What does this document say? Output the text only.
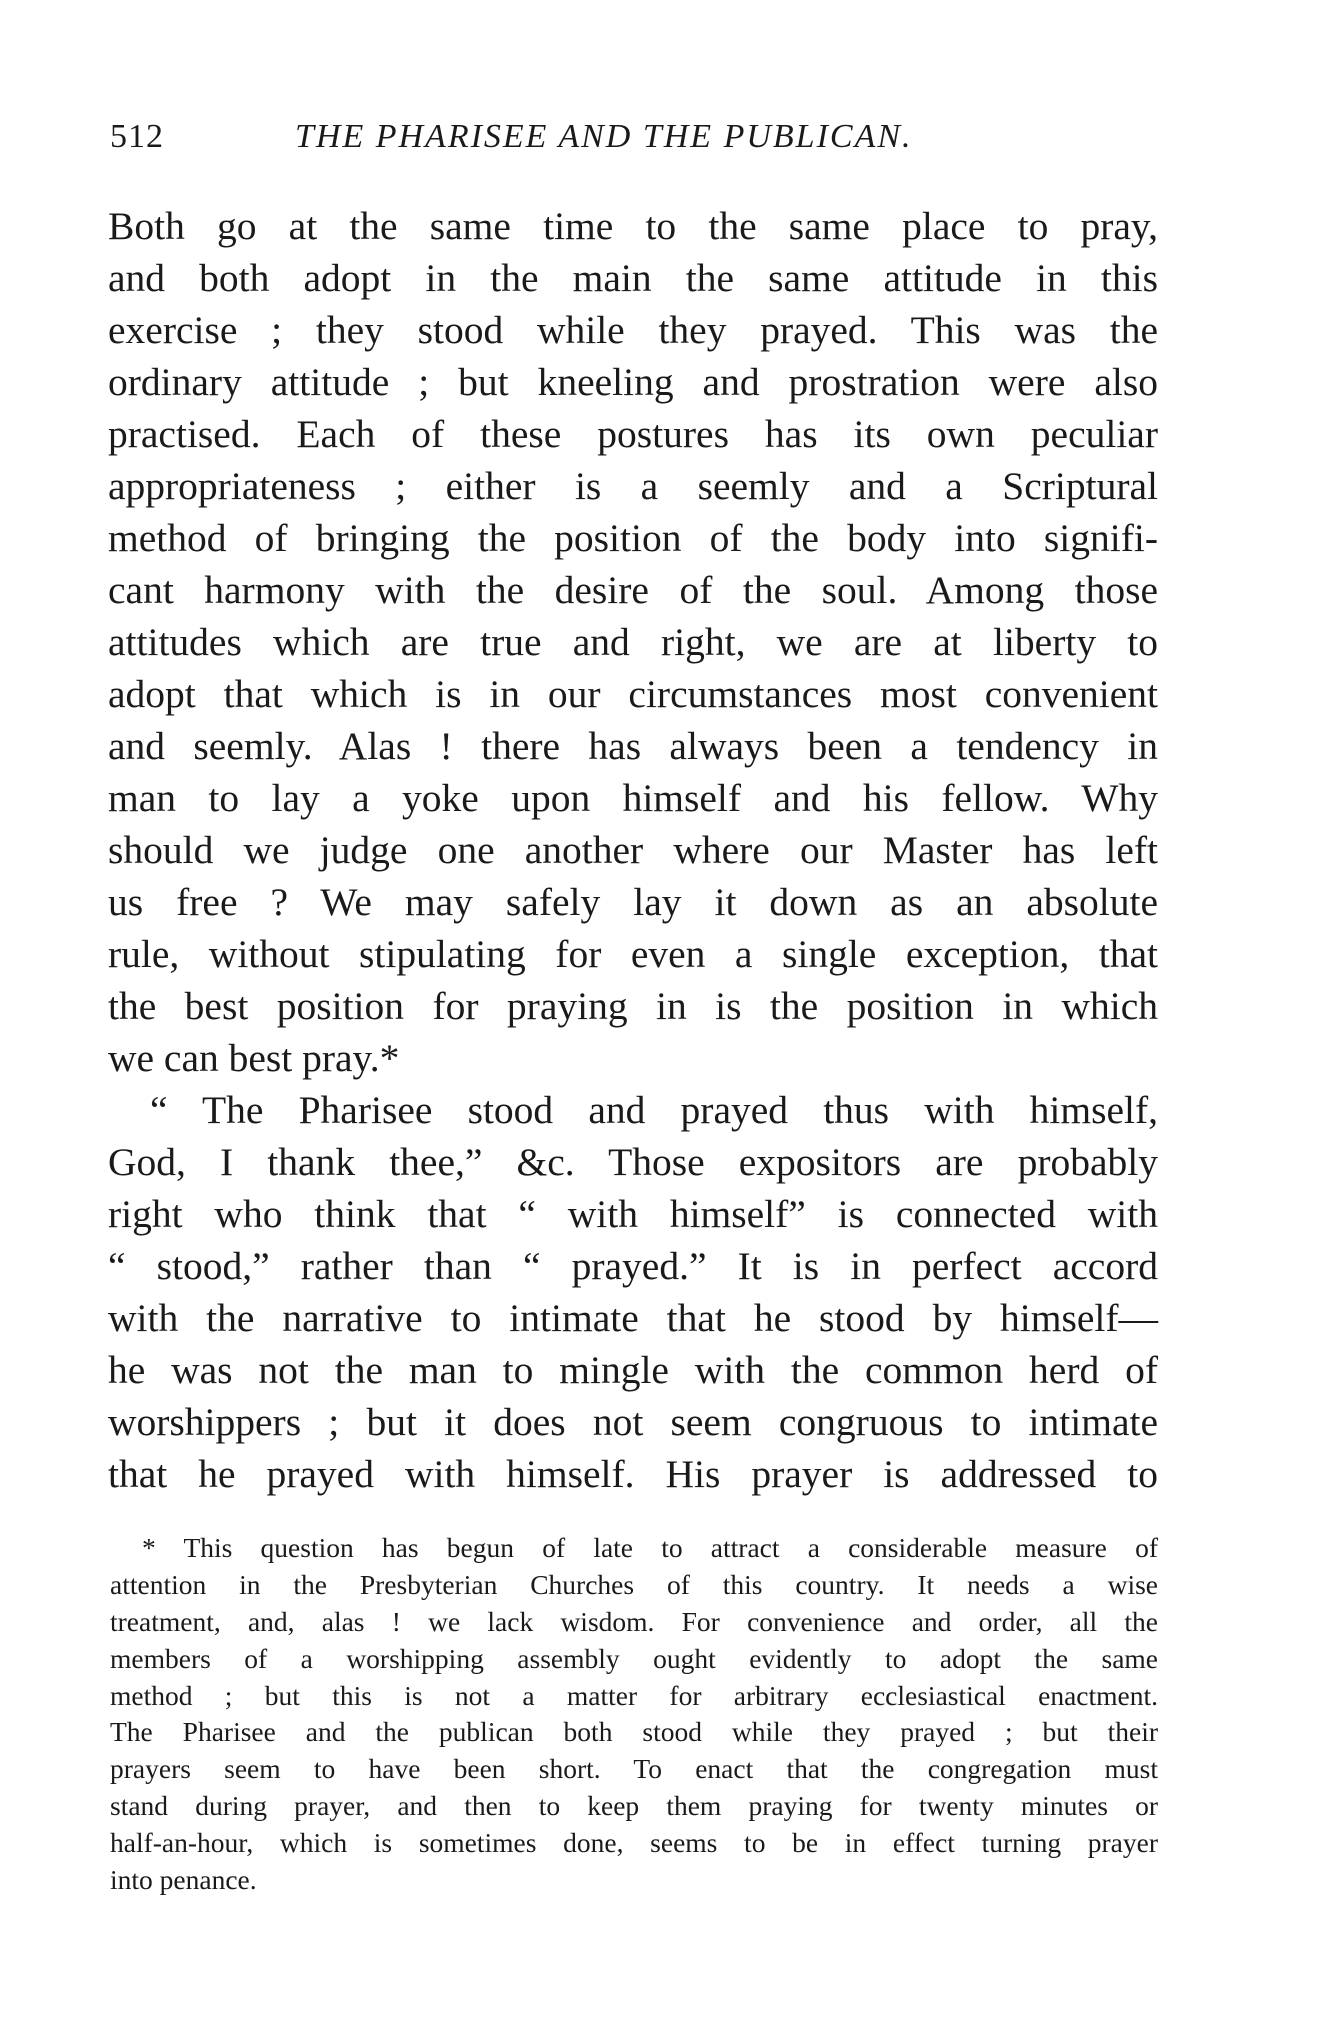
512	THE PHARISEE AND THE PUBLICAN.
Both go at the same time to the same place to pray,
and both adopt in the main the same attitude in this
exercise ; they stood while they prayed. This was the
ordinary attitude ; but kneeling and prostration were also
practised. Each of these postures has its own peculiar
appropriateness ; either is a seemly and a Scriptural
method of bringing the position of the body into signifi-
cant harmony with the desire of the soul. Among those
attitudes which are true and right, we are at liberty to
adopt that which is in our circumstances most convenient
and seemly. Alas ! there has always been a tendency in
man to lay a yoke upon himself and his fellow. Why
should we judge one another where our Master has left
us free ? We may safely lay it down as an absolute
rule, without stipulating for even a single exception, that
the best position for praying in is the position in which
we can best pray.*
“ The Pharisee stood and prayed thus with himself,
God, I thank thee,” &c. Those expositors are probably
right who think that “ with himself” is connected with
“ stood,” rather than “ prayed.” It is in perfect accord
with the narrative to intimate that he stood by himself—
he was not the man to mingle with the common herd of
worshippers ; but it does not seem congruous to intimate
that he prayed with himself. His prayer is addressed to
* This question has begun of late to attract a considerable measure of
attention in the Presbyterian Churches of this country. It needs a wise
treatment, and, alas ! we lack wisdom. For convenience and order, all the
members of a worshipping assembly ought evidently to adopt the same
method ; but this is not a matter for arbitrary ecclesiastical enactment.
The Pharisee and the publican both stood while they prayed ; but their
prayers seem to have been short. To enact that the congregation must
stand during prayer, and then to keep them praying for twenty minutes or
half-an-hour, which is sometimes done, seems to be in effect turning prayer
into penance.
